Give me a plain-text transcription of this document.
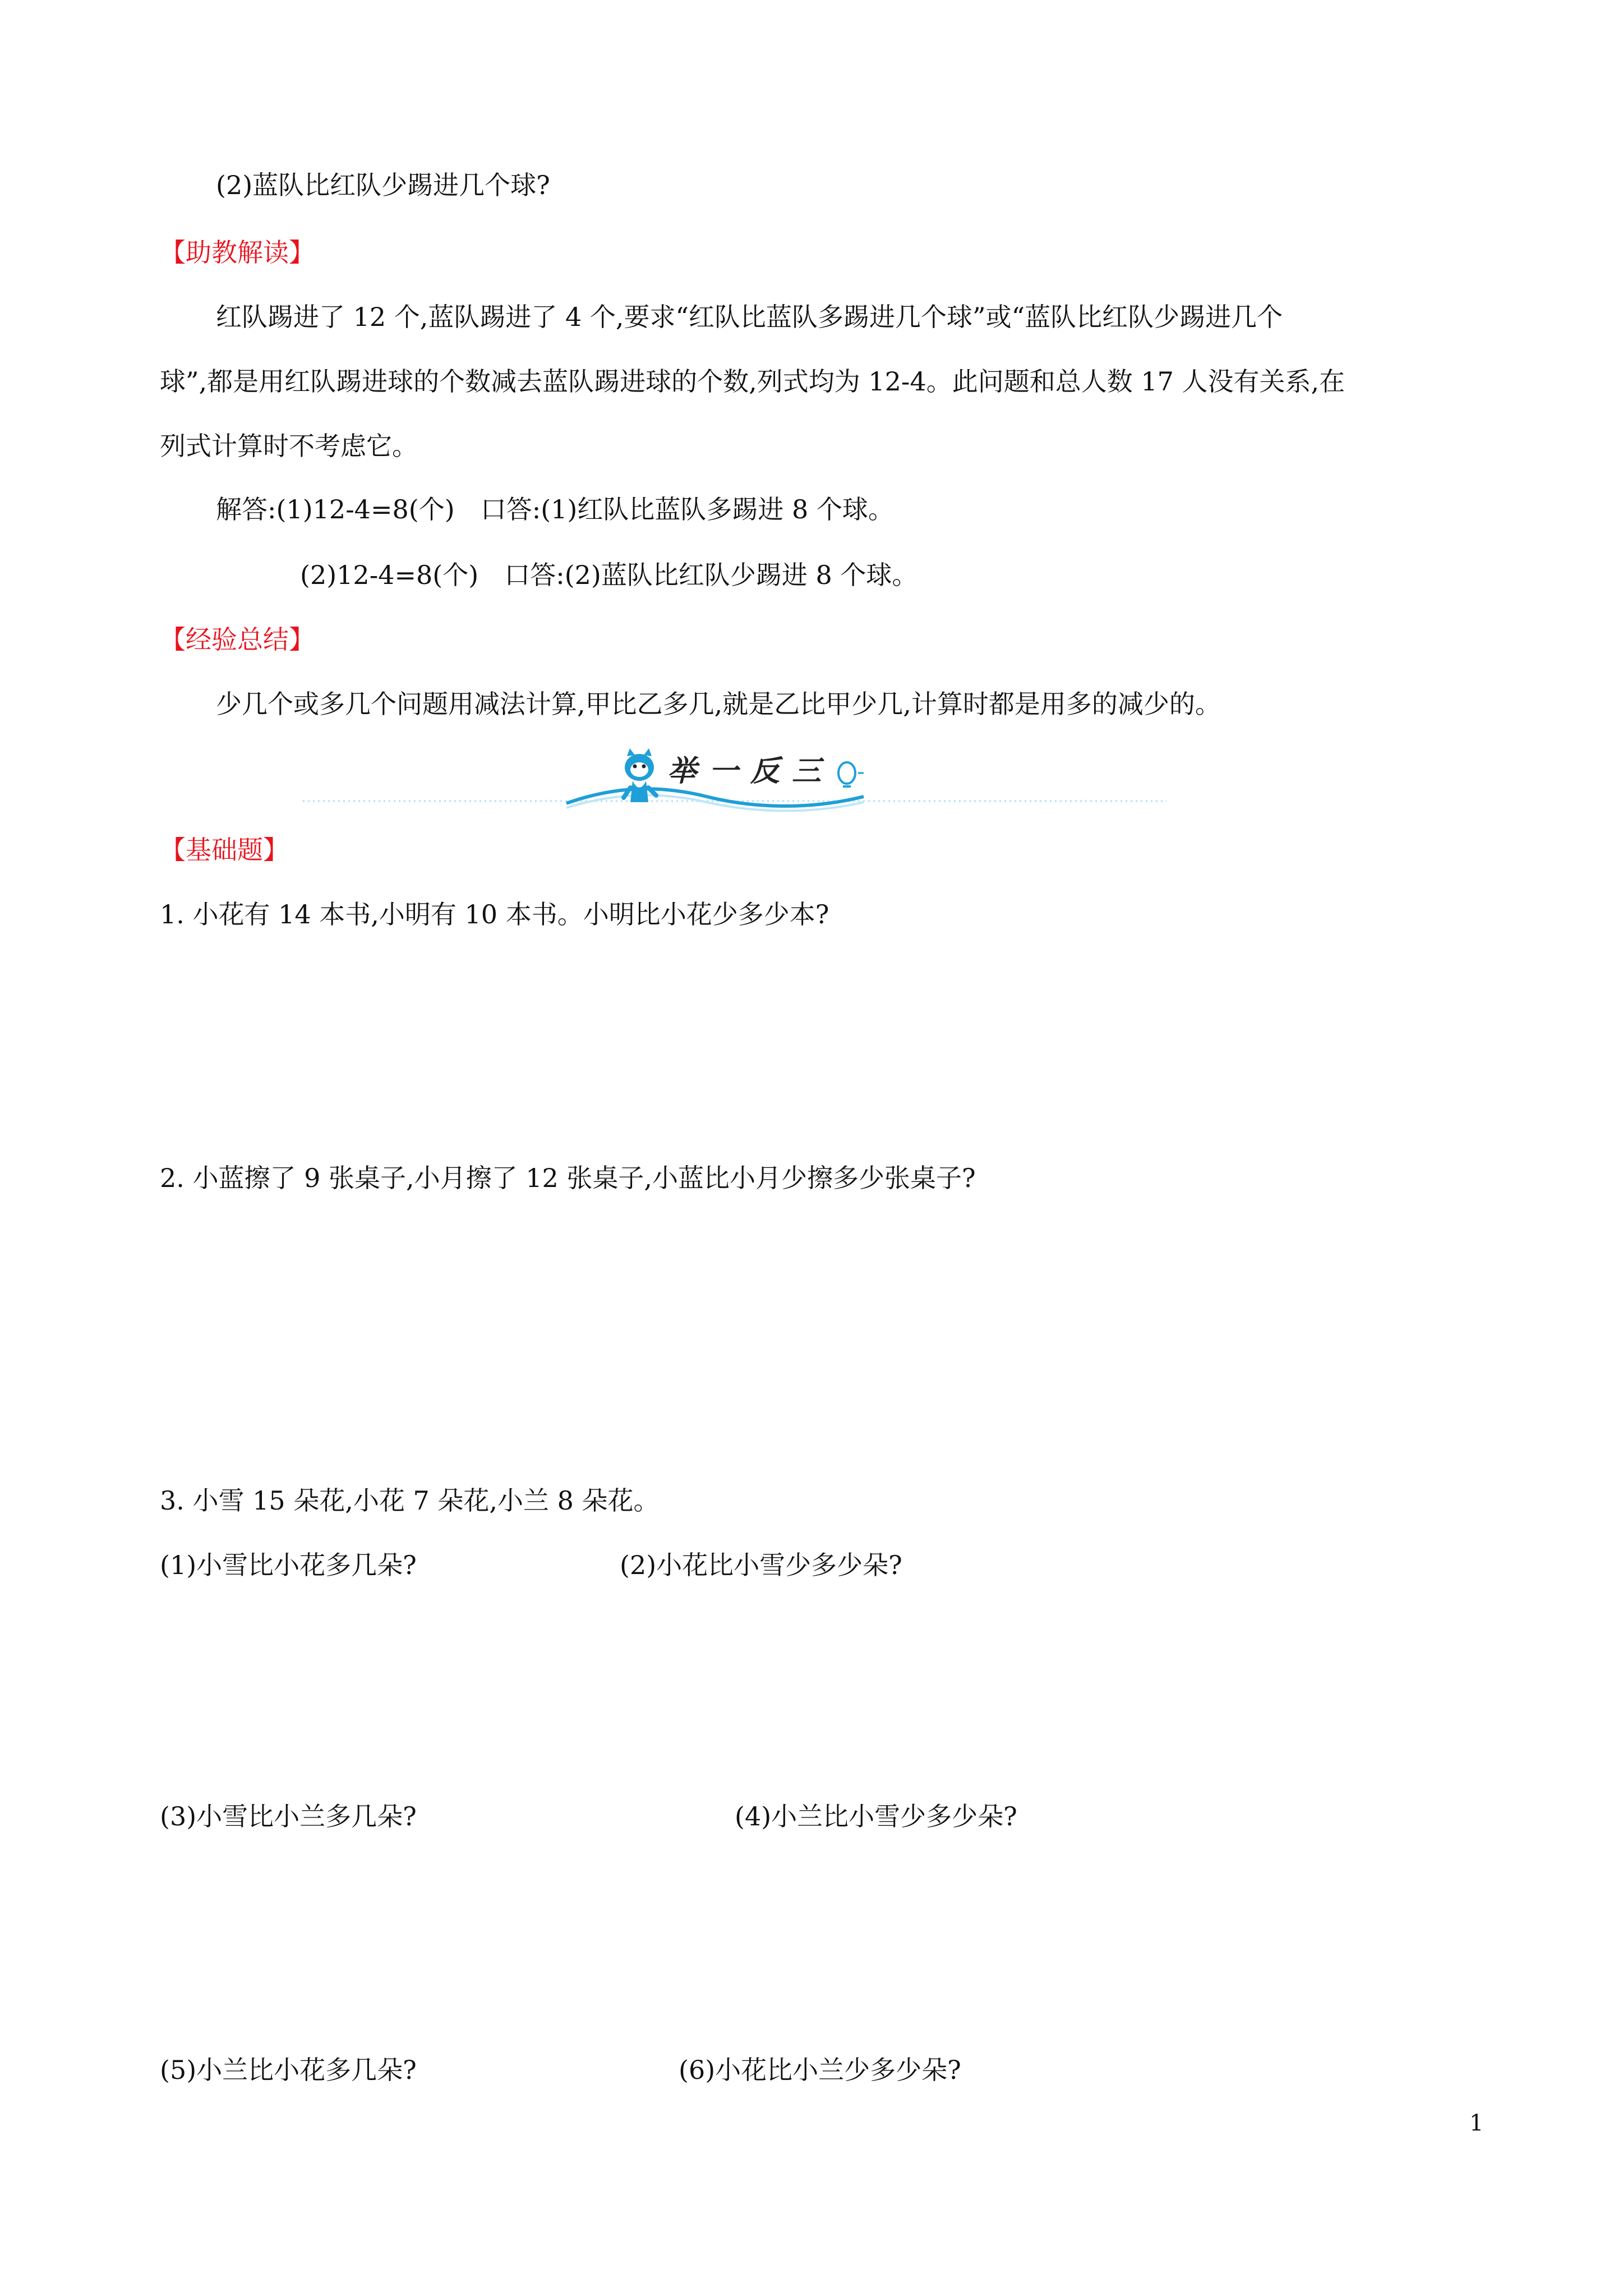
(2)蓝队比红队少踢进几个球?
【助教解读】
红队踢进了 12 个,蓝队踢进了 4 个,要求“红队比蓝队多踢进几个球”或“蓝队比红队少踢进几个
球”,都是用红队踢进球的个数减去蓝队踢进球的个数,列式均为 12-4。此问题和总人数 17 人没有关系,在
列式计算时不考虑它。
解答:(1)12-4=8(个)　口答:(1)红队比蓝队多踢进 8 个球。
(2)12-4=8(个)　口答:(2)蓝队比红队少踢进 8 个球。
【经验总结】
少几个或多几个问题用减法计算,甲比乙多几,就是乙比甲少几,计算时都是用多的减少的。
举一反三
【基础题】
1. 小花有 14 本书,小明有 10 本书。小明比小花少多少本?
2. 小蓝擦了 9 张桌子,小月擦了 12 张桌子,小蓝比小月少擦多少张桌子?
3. 小雪 15 朵花,小花 7 朵花,小兰 8 朵花。
(1)小雪比小花多几朵?	(2)小花比小雪少多少朵?
(3)小雪比小兰多几朵?	(4)小兰比小雪少多少朵?
(5)小兰比小花多几朵?	(6)小花比小兰少多少朵?
1
